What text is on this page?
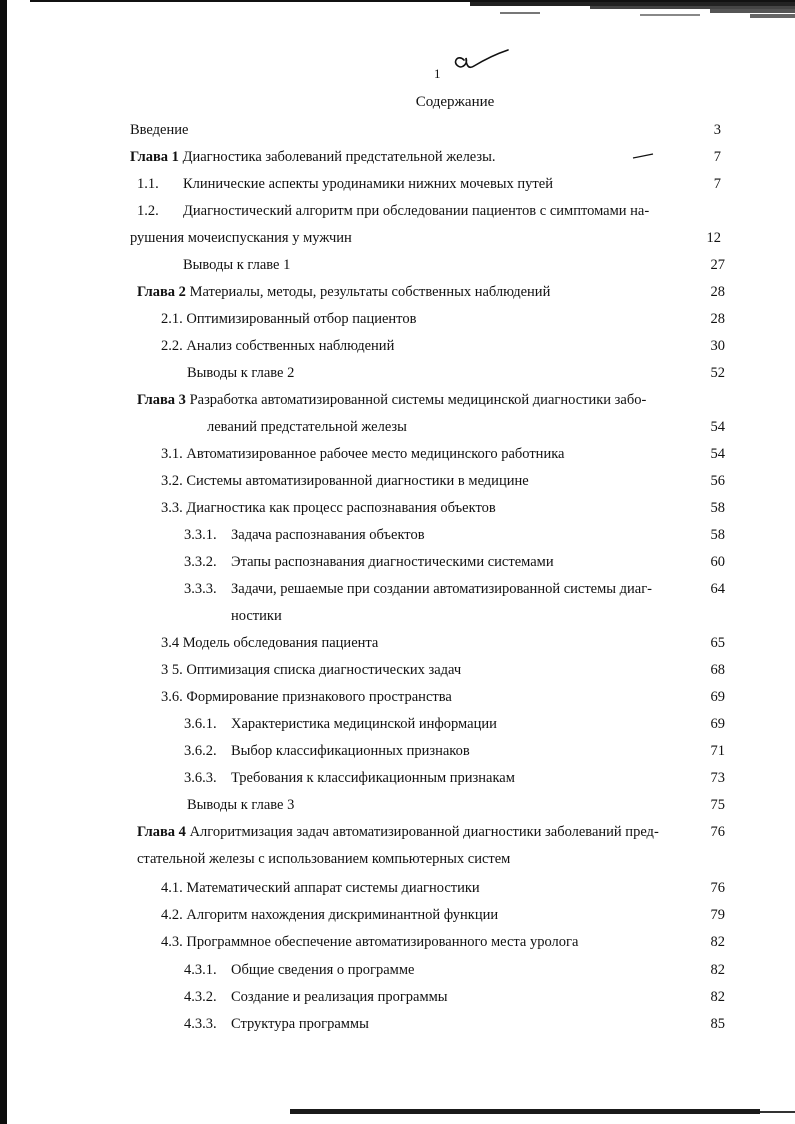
1
Содержание
Введение	3
Глава 1 Диагностика заболеваний предстательной железы.	7
1.1. Клинические аспекты уродинамики нижних мочевых путей	7
1.2. Диагностический алгоритм при обследовании пациентов с симптомами на-
рушения мочеиспускания у мужчин	12
Выводы к главе 1	27
Глава 2 Материалы, методы, результаты собственных наблюдений	28
2.1. Оптимизированный отбор пациентов	28
2.2. Анализ собственных наблюдений	30
Выводы к главе 2	52
Глава 3 Разработка автоматизированной системы медицинской диагностики забо-
леваний предстательной железы	54
3.1. Автоматизированное рабочее место медицинского работника	54
3.2. Системы автоматизированной диагностики в медицине	56
3.3. Диагностика как процесс распознавания объектов	58
3.3.1. Задача распознавания объектов	58
3.3.2. Этапы распознавания диагностическими системами	60
3.3.3. Задачи, решаемые при создании автоматизированной системы диаг-	64
ностики
3.4 Модель обследования пациента	65
3 5. Оптимизация списка диагностических задач	68
3.6. Формирование признакового пространства	69
3.6.1. Характеристика медицинской информации	69
3.6.2. Выбор классификационных признаков	71
3.6.3. Требования к классификационным признакам	73
Выводы к главе 3	75
Глава 4 Алгоритмизация задач автоматизированной диагностики заболеваний пред-	76
стательной железы с использованием компьютерных систем
4.1. Математический аппарат системы диагностики	76
4.2. Алгоритм нахождения дискриминантной функции	79
4.3. Программное обеспечение автоматизированного места уролога	82
4.3.1. Общие сведения о программе	82
4.3.2. Создание и реализация программы	82
4.3.3. Структура программы	85
